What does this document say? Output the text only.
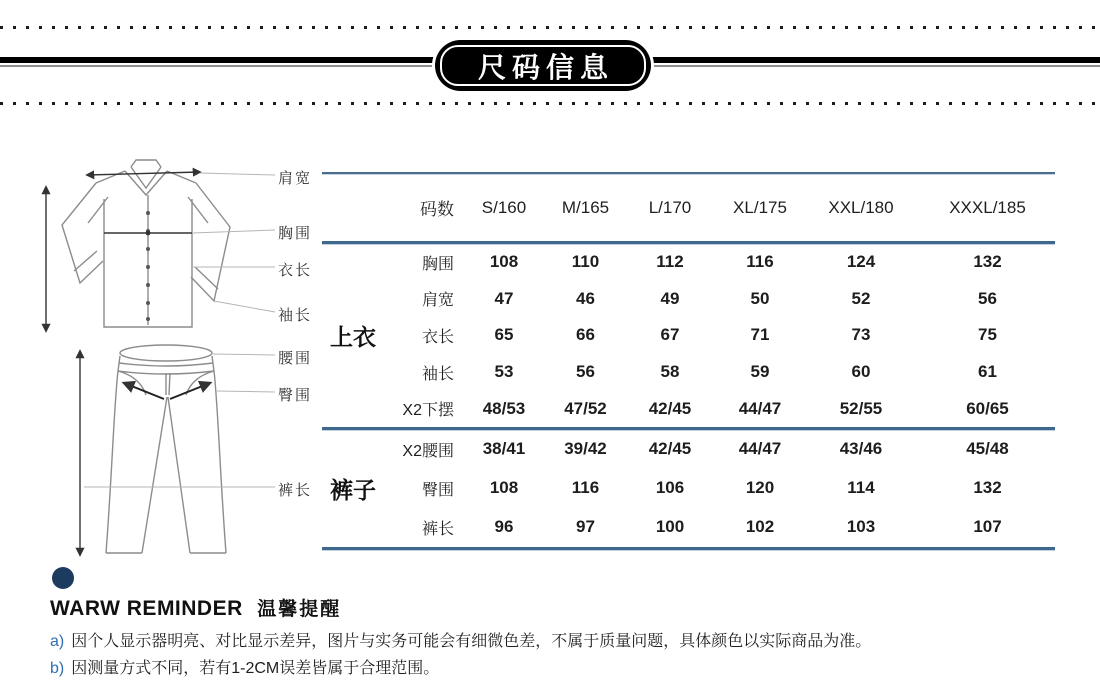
尺码信息
肩宽
胸围
衣长
袖长
腰围
臀围
裤长
码数	S/160	M/165	L/170	XL/175	XXL/180	XXXL/185
上衣
胸围	108	110	112	116	124	132
肩宽	47	46	49	50	52	56
衣长	65	66	67	71	73	75
袖长	53	56	58	59	60	61
X2下摆	48/53	47/52	42/45	44/47	52/55	60/65
裤子
X2腰围	38/41	39/42	42/45	44/47	43/46	45/48
臀围	108	116	106	120	114	132
裤长	96	97	100	102	103	107
WARW REMINDER 温馨提醒
a) 因个人显示器明亮、对比显示差异，图片与实务可能会有细微色差，不属于质量问题，具体颜色以实际商品为准。
b) 因测量方式不同，若有1-2CM误差皆属于合理范围。
